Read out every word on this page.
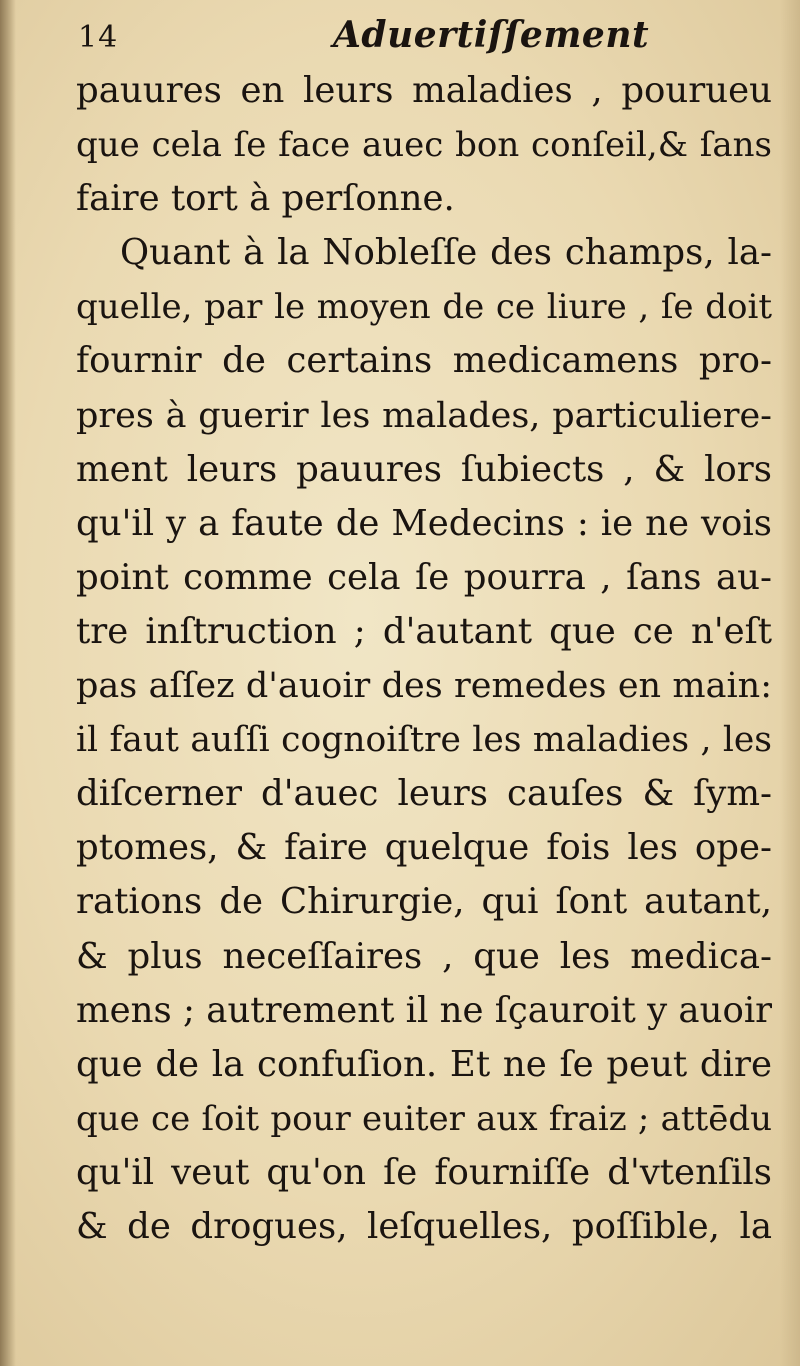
14	Aduertiſſement
pauures en leurs maladies , pourueu
que cela ſe face auec bon conſeil,& ſans
faire tort à perſonne.
Quant à la Nobleſſe des champs, la-
quelle, par le moyen de ce liure , ſe doit
fournir de certains medicamens pro-
pres à guerir les malades, particuliere-
ment leurs pauures ſubiects , & lors
qu'il y a faute de Medecins : ie ne vois
point comme cela ſe pourra , ſans au-
tre inſtruction ; d'autant que ce n'eſt
pas aſſez d'auoir des remedes en main:
il faut auſſi cognoiſtre les maladies , les
diſcerner d'auec leurs cauſes & ſym-
ptomes, & faire quelque fois les ope-
rations de Chirurgie, qui ſont autant,
& plus neceſſaires , que les medica-
mens ; autrement il ne ſçauroit y auoir
que de la confuſion. Et ne ſe peut dire
que ce ſoit pour euiter aux fraiz ; attēdu
qu'il veut qu'on ſe fourniſſe d'vtenſils
& de drogues, leſquelles, poſſible, la
